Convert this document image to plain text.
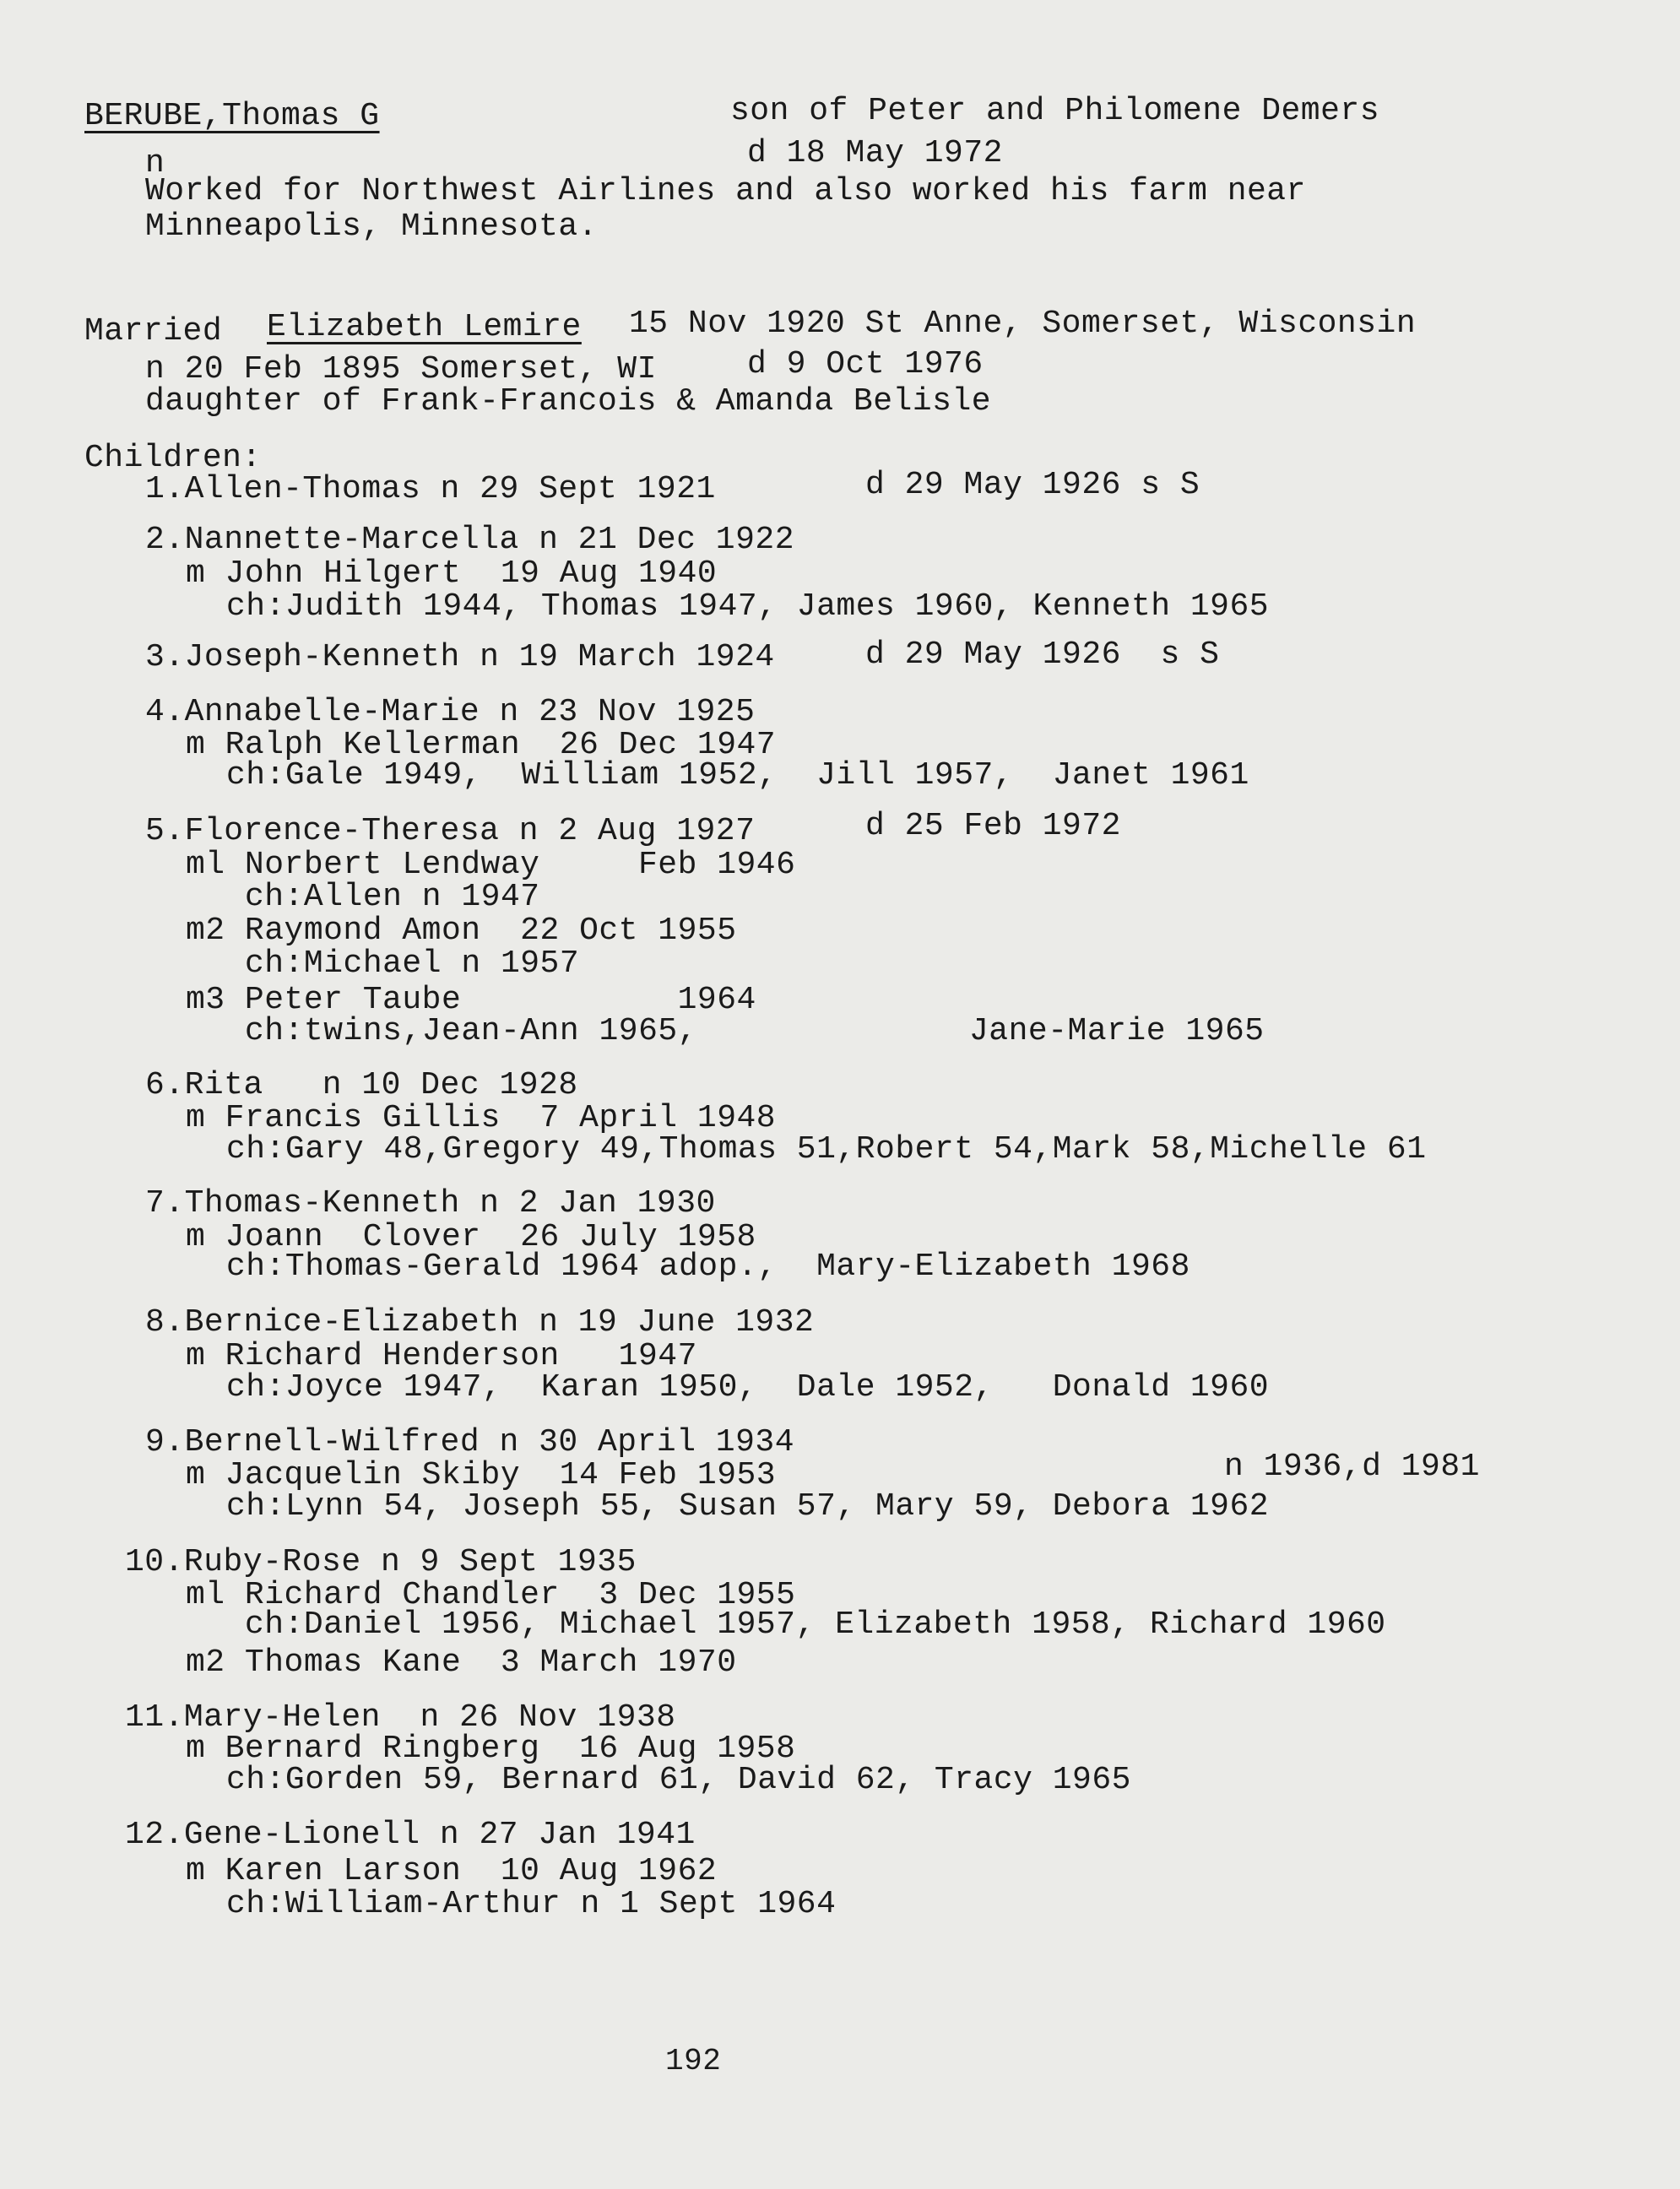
BERUBE,Thomas G	son of Peter and Philomene Demers
n	d 18 May 1972
Worked for Northwest Airlines and also worked his farm near
Minneapolis, Minnesota.
Married Elizabeth Lemire 15 Nov 1920 St Anne, Somerset, Wisconsin
n 20 Feb 1895 Somerset, WI	d 9 Oct 1976
daughter of Frank-Francois & Amanda Belisle
Children:
1.Allen-Thomas n 29 Sept 1921	d 29 May 1926 s S
2.Nannette-Marcella n 21 Dec 1922
m John Hilgert  19 Aug 1940
ch:Judith 1944, Thomas 1947, James 1960, Kenneth 1965
3.Joseph-Kenneth n 19 March 1924	d 29 May 1926  s S
4.Annabelle-Marie n 23 Nov 1925
m Ralph Kellerman  26 Dec 1947
ch:Gale 1949,  William 1952,  Jill 1957,  Janet 1961
5.Florence-Theresa n 2 Aug 1927	d 25 Feb 1972
ml Norbert Lendway     Feb 1946
ch:Allen n 1947
m2 Raymond Amon  22 Oct 1955
ch:Michael n 1957
m3 Peter Taube           1964
ch:twins,Jean-Ann 1965,	Jane-Marie 1965
6.Rita   n 10 Dec 1928
m Francis Gillis  7 April 1948
ch:Gary 48,Gregory 49,Thomas 51,Robert 54,Mark 58,Michelle 61
7.Thomas-Kenneth n 2 Jan 1930
m Joann  Clover  26 July 1958
ch:Thomas-Gerald 1964 adop.,  Mary-Elizabeth 1968
8.Bernice-Elizabeth n 19 June 1932
m Richard Henderson   1947
ch:Joyce 1947,  Karan 1950,  Dale 1952,   Donald 1960
9.Bernell-Wilfred n 30 April 1934
m Jacquelin Skiby  14 Feb 1953	n 1936,d 1981
ch:Lynn 54, Joseph 55, Susan 57, Mary 59, Debora 1962
10.Ruby-Rose n 9 Sept 1935
ml Richard Chandler  3 Dec 1955
ch:Daniel 1956, Michael 1957, Elizabeth 1958, Richard 1960
m2 Thomas Kane  3 March 1970
11.Mary-Helen  n 26 Nov 1938
m Bernard Ringberg  16 Aug 1958
ch:Gorden 59, Bernard 61, David 62, Tracy 1965
12.Gene-Lionell n 27 Jan 1941
m Karen Larson  10 Aug 1962
ch:William-Arthur n 1 Sept 1964
192
